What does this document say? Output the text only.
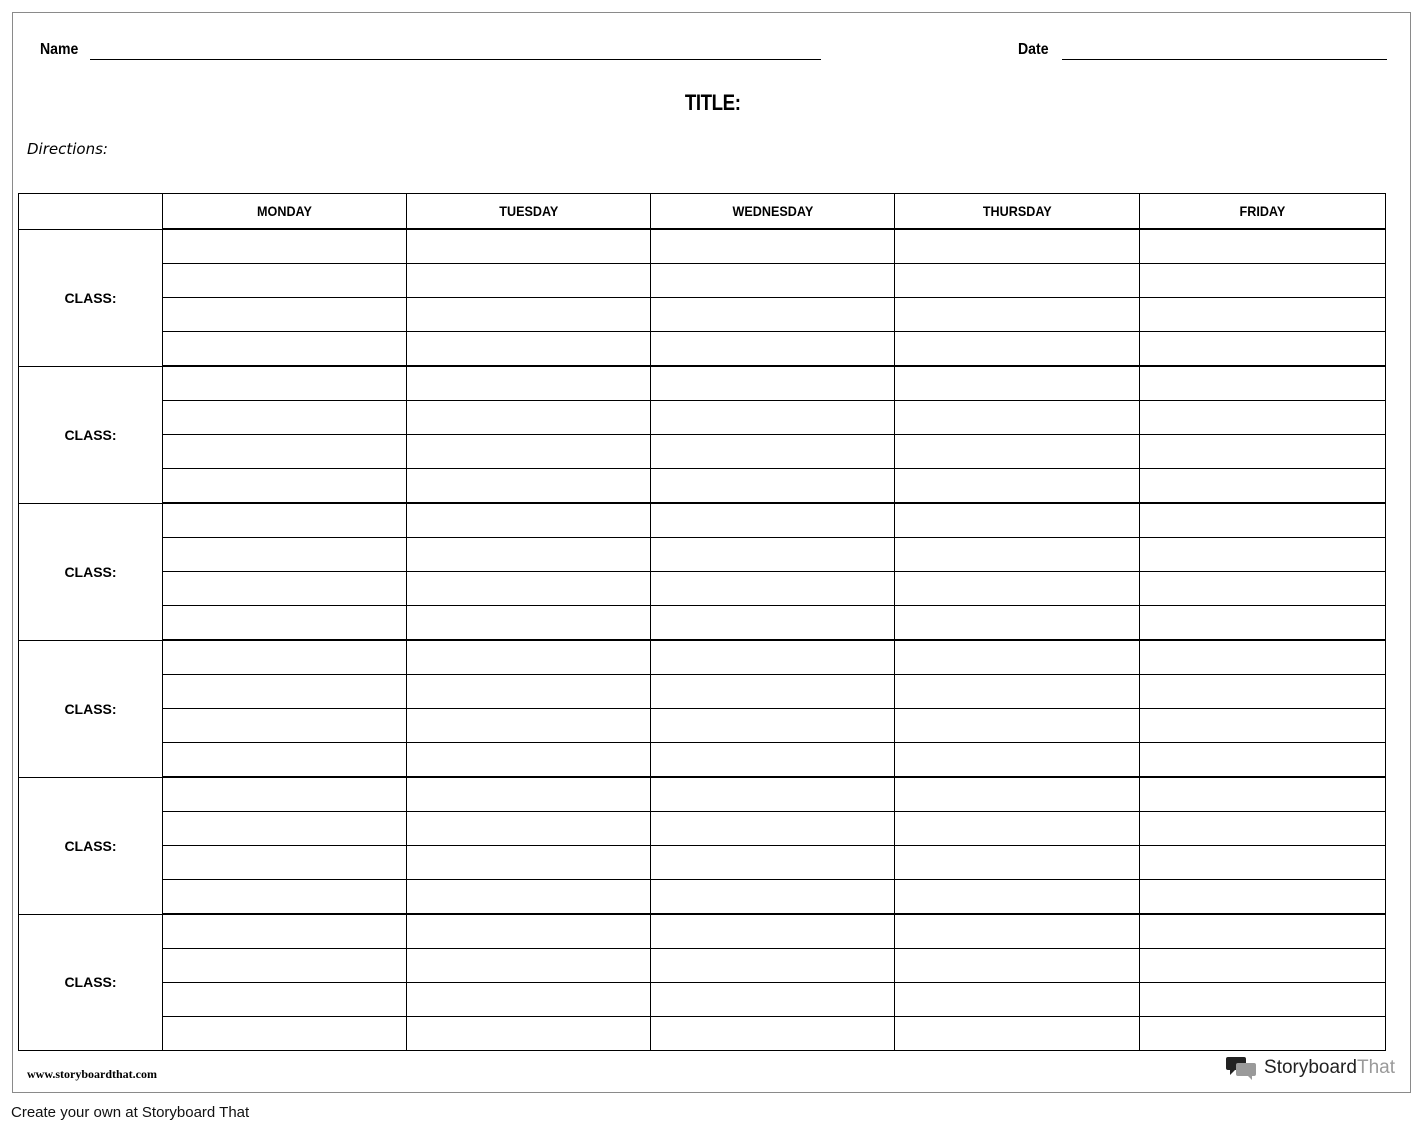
Name	Date
TITLE:
Directions:
	MONDAY	TUESDAY	WEDNESDAY	THURSDAY	FRIDAY
CLASS:					

CLASS:					

CLASS:					

CLASS:					

CLASS:					

CLASS:					

www.storyboardthat.com	StoryboardThat
Create your own at Storyboard That
